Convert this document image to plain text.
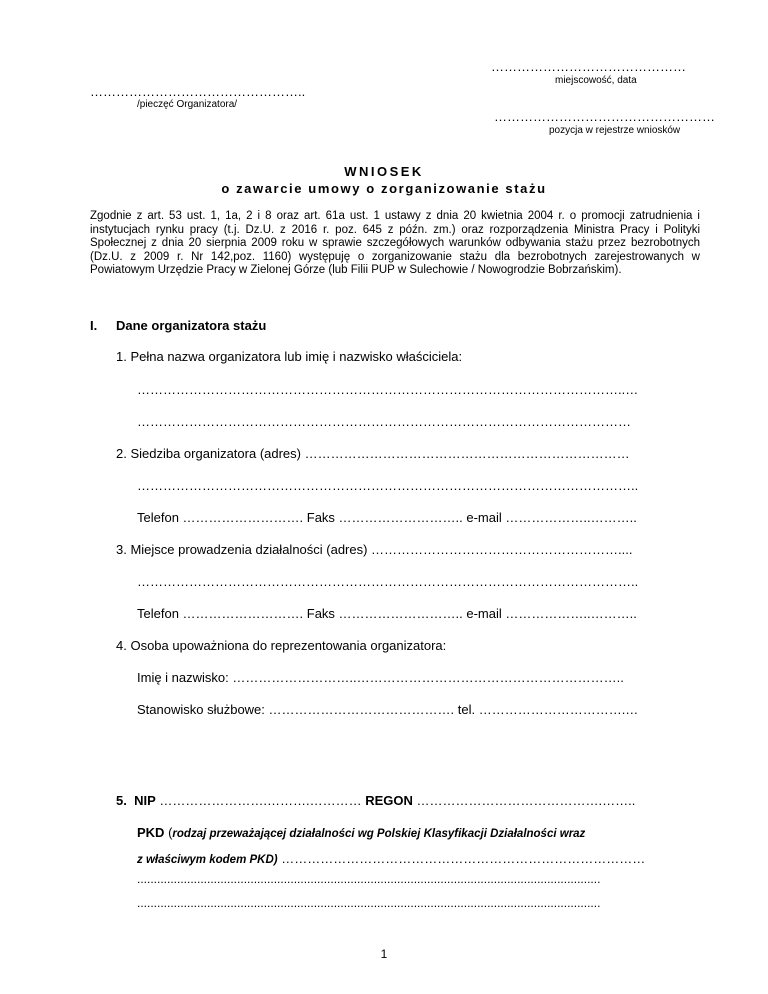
………………………………………
miejscowość, data
…………………………………………..
/pieczęć Organizatora/
……………………………………………
pozycja w rejestrze wniosków
WNIOSEK
o zawarcie umowy o zorganizowanie stażu
Zgodnie z art. 53 ust. 1, 1a, 2 i 8 oraz art. 61a ust. 1 ustawy z dnia 20 kwietnia 2004 r. o promocji zatrudnienia i instytucjach rynku pracy (t.j. Dz.U. z 2016 r. poz. 645 z późn. zm.) oraz rozporządzenia Ministra Pracy i Polityki Społecznej z dnia 20 sierpnia 2009 roku w sprawie szczegółowych warunków odbywania stażu przez bezrobotnych (Dz.U. z 2009 r. Nr 142,poz. 1160) występuję o zorganizowanie stażu dla bezrobotnych zarejestrowanych w Powiatowym Urzędzie Pracy w Zielonej Górze (lub Filii PUP w Sulechowie / Nowogrodzie Bobrzańskim).
I. Dane organizatora stażu
1. Pełna nazwa organizatora lub imię i nazwisko właściciela:
…………………………………………………………………………………………………..…
……………………………………………………………………………………………………
2. Siedziba organizatora (adres) …………………………………………………………………
……………………………………………………………………………………………………..
Telefon ………………………. Faks ……………………….. e-mail ………………..………..
3. Miejsce prowadzenia działalności (adres) …………………………………………………....
……………………………………………………………………………………………………..
Telefon ………………………. Faks ……………………….. e-mail ………………..………..
4. Osoba upoważniona do reprezentowania organizatora:
Imię i nazwisko: ………………………..……………………………………………………..
Stanowisko służbowe: ……………………………………. tel. …………………………….…
5. NIP …………………….……….………… REGON …………………………………….……..
PKD (rodzaj przeważającej działalności wg Polskiej Klasyfikacji Działalności wraz
z właściwym kodem PKD) …………………………………………………………………………
...........................................................................................................................................
...........................................................................................................................................
1
